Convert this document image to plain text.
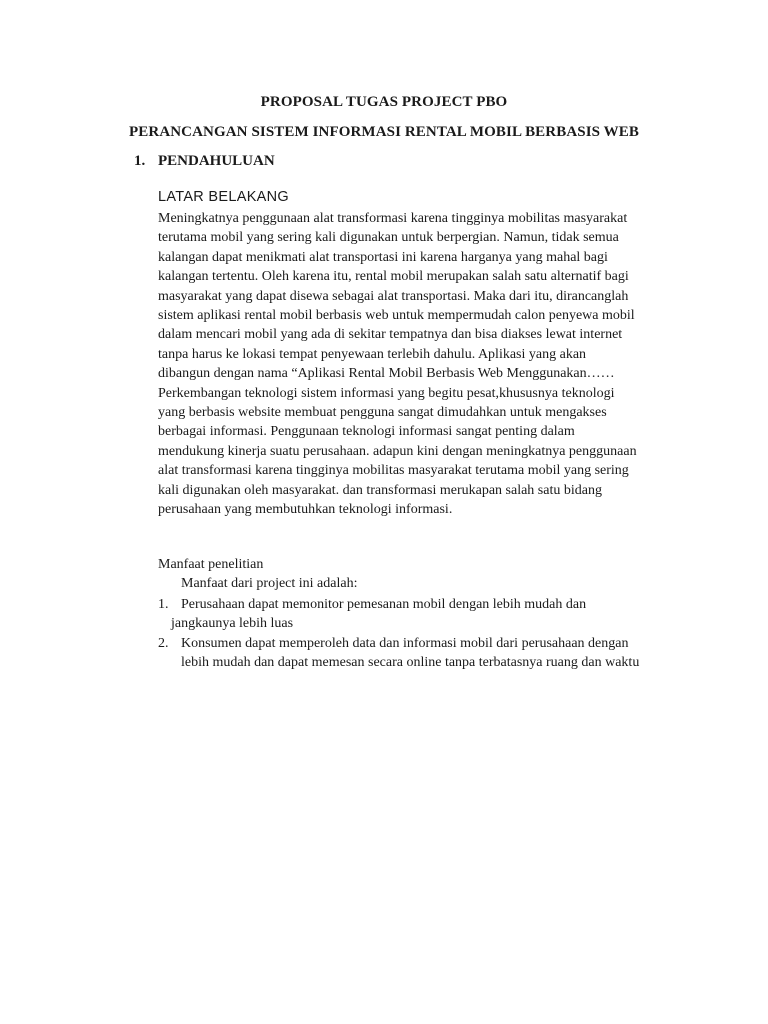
PROPOSAL TUGAS PROJECT PBO
PERANCANGAN SISTEM INFORMASI RENTAL MOBIL BERBASIS WEB
1. PENDAHULUAN
LATAR BELAKANG
Meningkatnya penggunaan alat transformasi karena tingginya mobilitas masyarakat
terutama mobil yang sering kali digunakan untuk berpergian. Namun, tidak semua
kalangan dapat menikmati alat transportasi ini karena harganya yang mahal bagi
kalangan tertentu. Oleh karena itu, rental mobil merupakan salah satu alternatif bagi
masyarakat yang dapat disewa sebagai alat transportasi. Maka dari itu, dirancanglah
sistem aplikasi rental mobil berbasis web untuk mempermudah calon penyewa mobil
dalam mencari mobil yang ada di sekitar tempatnya dan bisa diakses lewat internet
tanpa harus ke lokasi tempat penyewaan terlebih dahulu. Aplikasi yang akan
dibangun dengan nama “Aplikasi Rental Mobil Berbasis Web Menggunakan……
Perkembangan teknologi sistem informasi yang begitu pesat,khususnya teknologi
yang berbasis website membuat pengguna sangat dimudahkan untuk mengakses
berbagai informasi. Penggunaan teknologi informasi sangat penting dalam
mendukung kinerja suatu perusahaan. adapun kini dengan meningkatnya penggunaan
alat transformasi karena tingginya mobilitas masyarakat terutama mobil yang sering
kali digunakan oleh masyarakat. dan transformasi merukapan salah satu bidang
perusahaan yang membutuhkan teknologi informasi.
Manfaat penelitian
Manfaat dari project ini adalah:
1. Perusahaan dapat memonitor pemesanan mobil dengan lebih mudah dan
jangkaunya lebih luas
2. Konsumen dapat memperoleh data dan informasi mobil dari perusahaan dengan
lebih mudah dan dapat memesan secara online tanpa terbatasnya ruang dan waktu
